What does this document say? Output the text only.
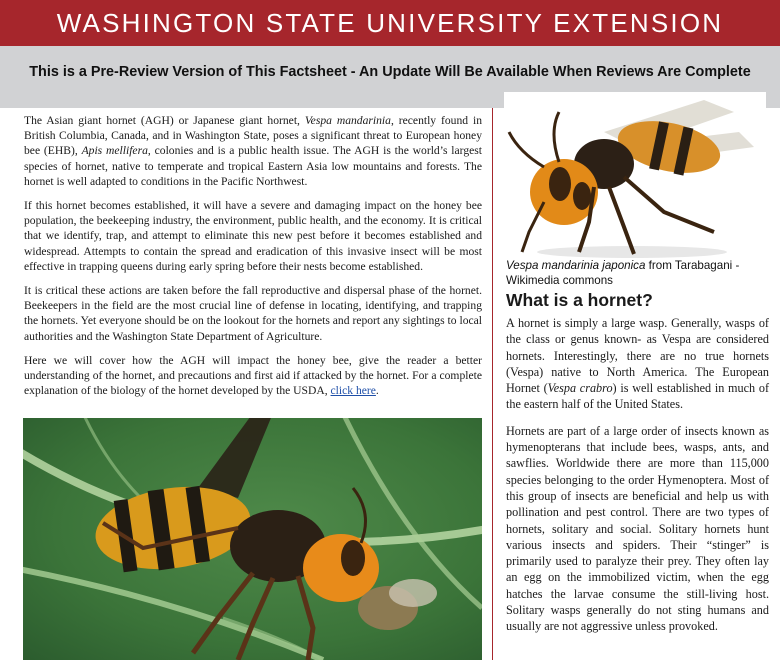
WASHINGTON STATE UNIVERSITY EXTENSION
This is a Pre-Review Version of This Factsheet - An Update Will Be Available When Reviews Are Complete

The Asian giant hornet (AGH) or Japanese giant hornet, Vespa mandarinia, recently found in British Columbia, Canada, and in Washington State, poses a significant threat to European honey bee (EHB), Apis mellifera, colonies and is a public health issue. The AGH is the world’s largest species of hornet, native to temperate and tropical Eastern Asia low mountains and forests. The hornet is well adapted to conditions in the Pacific Northwest.

If this hornet becomes established, it will have a severe and damaging impact on the honey bee population, the beekeeping industry, the environment, public health, and the economy. It is critical that we identify, trap, and attempt to eliminate this new pest before it becomes established and widespread. Attempts to contain the spread and eradication of this invasive insect will be most effective in trapping queens during early spring before their nests become established.

It is critical these actions are taken before the fall reproductive and dispersal phase of the hornet. Beekeepers in the field are the most crucial line of defense in locating, identifying, and trapping the hornets. Yet everyone should be on the lookout for the hornets and report any sightings to local authorities and the Washington State Department of Agriculture.

Here we will cover how the AGH will impact the honey bee, give the reader a better understanding of the hornet, and precautions and first aid if attacked by the hornet. For a complete explanation of the biology of the hornet developed by the USDA, click here.

Vespa mandarinia japonica from Tarabagani - Wikimedia commons
What is a hornet?

A hornet is simply a large wasp. Generally, wasps of the class or genus known- as Vespa are considered hornets. Interestingly, there are no true hornets (Vespa) native to North America. The European Hornet (Vespa crabro) is well established in much of the eastern half of the United States.

Hornets are part of a large order of insects known as hymenopterans that include bees, wasps, ants, and sawflies. Worldwide there are more than 115,000 species belonging to the order Hymenoptera. Most of this group of insects are beneficial and help us with pollination and pest control. There are two types of hornets, solitary and social. Solitary hornets hunt various insects and spiders. Their “stinger” is primarily used to paralyze their prey. They often lay an egg on the immobilized victim, when the egg hatches the larvae consume the still-living host. Solitary wasps generally do not sting humans and usually are not aggressive unless provoked.
